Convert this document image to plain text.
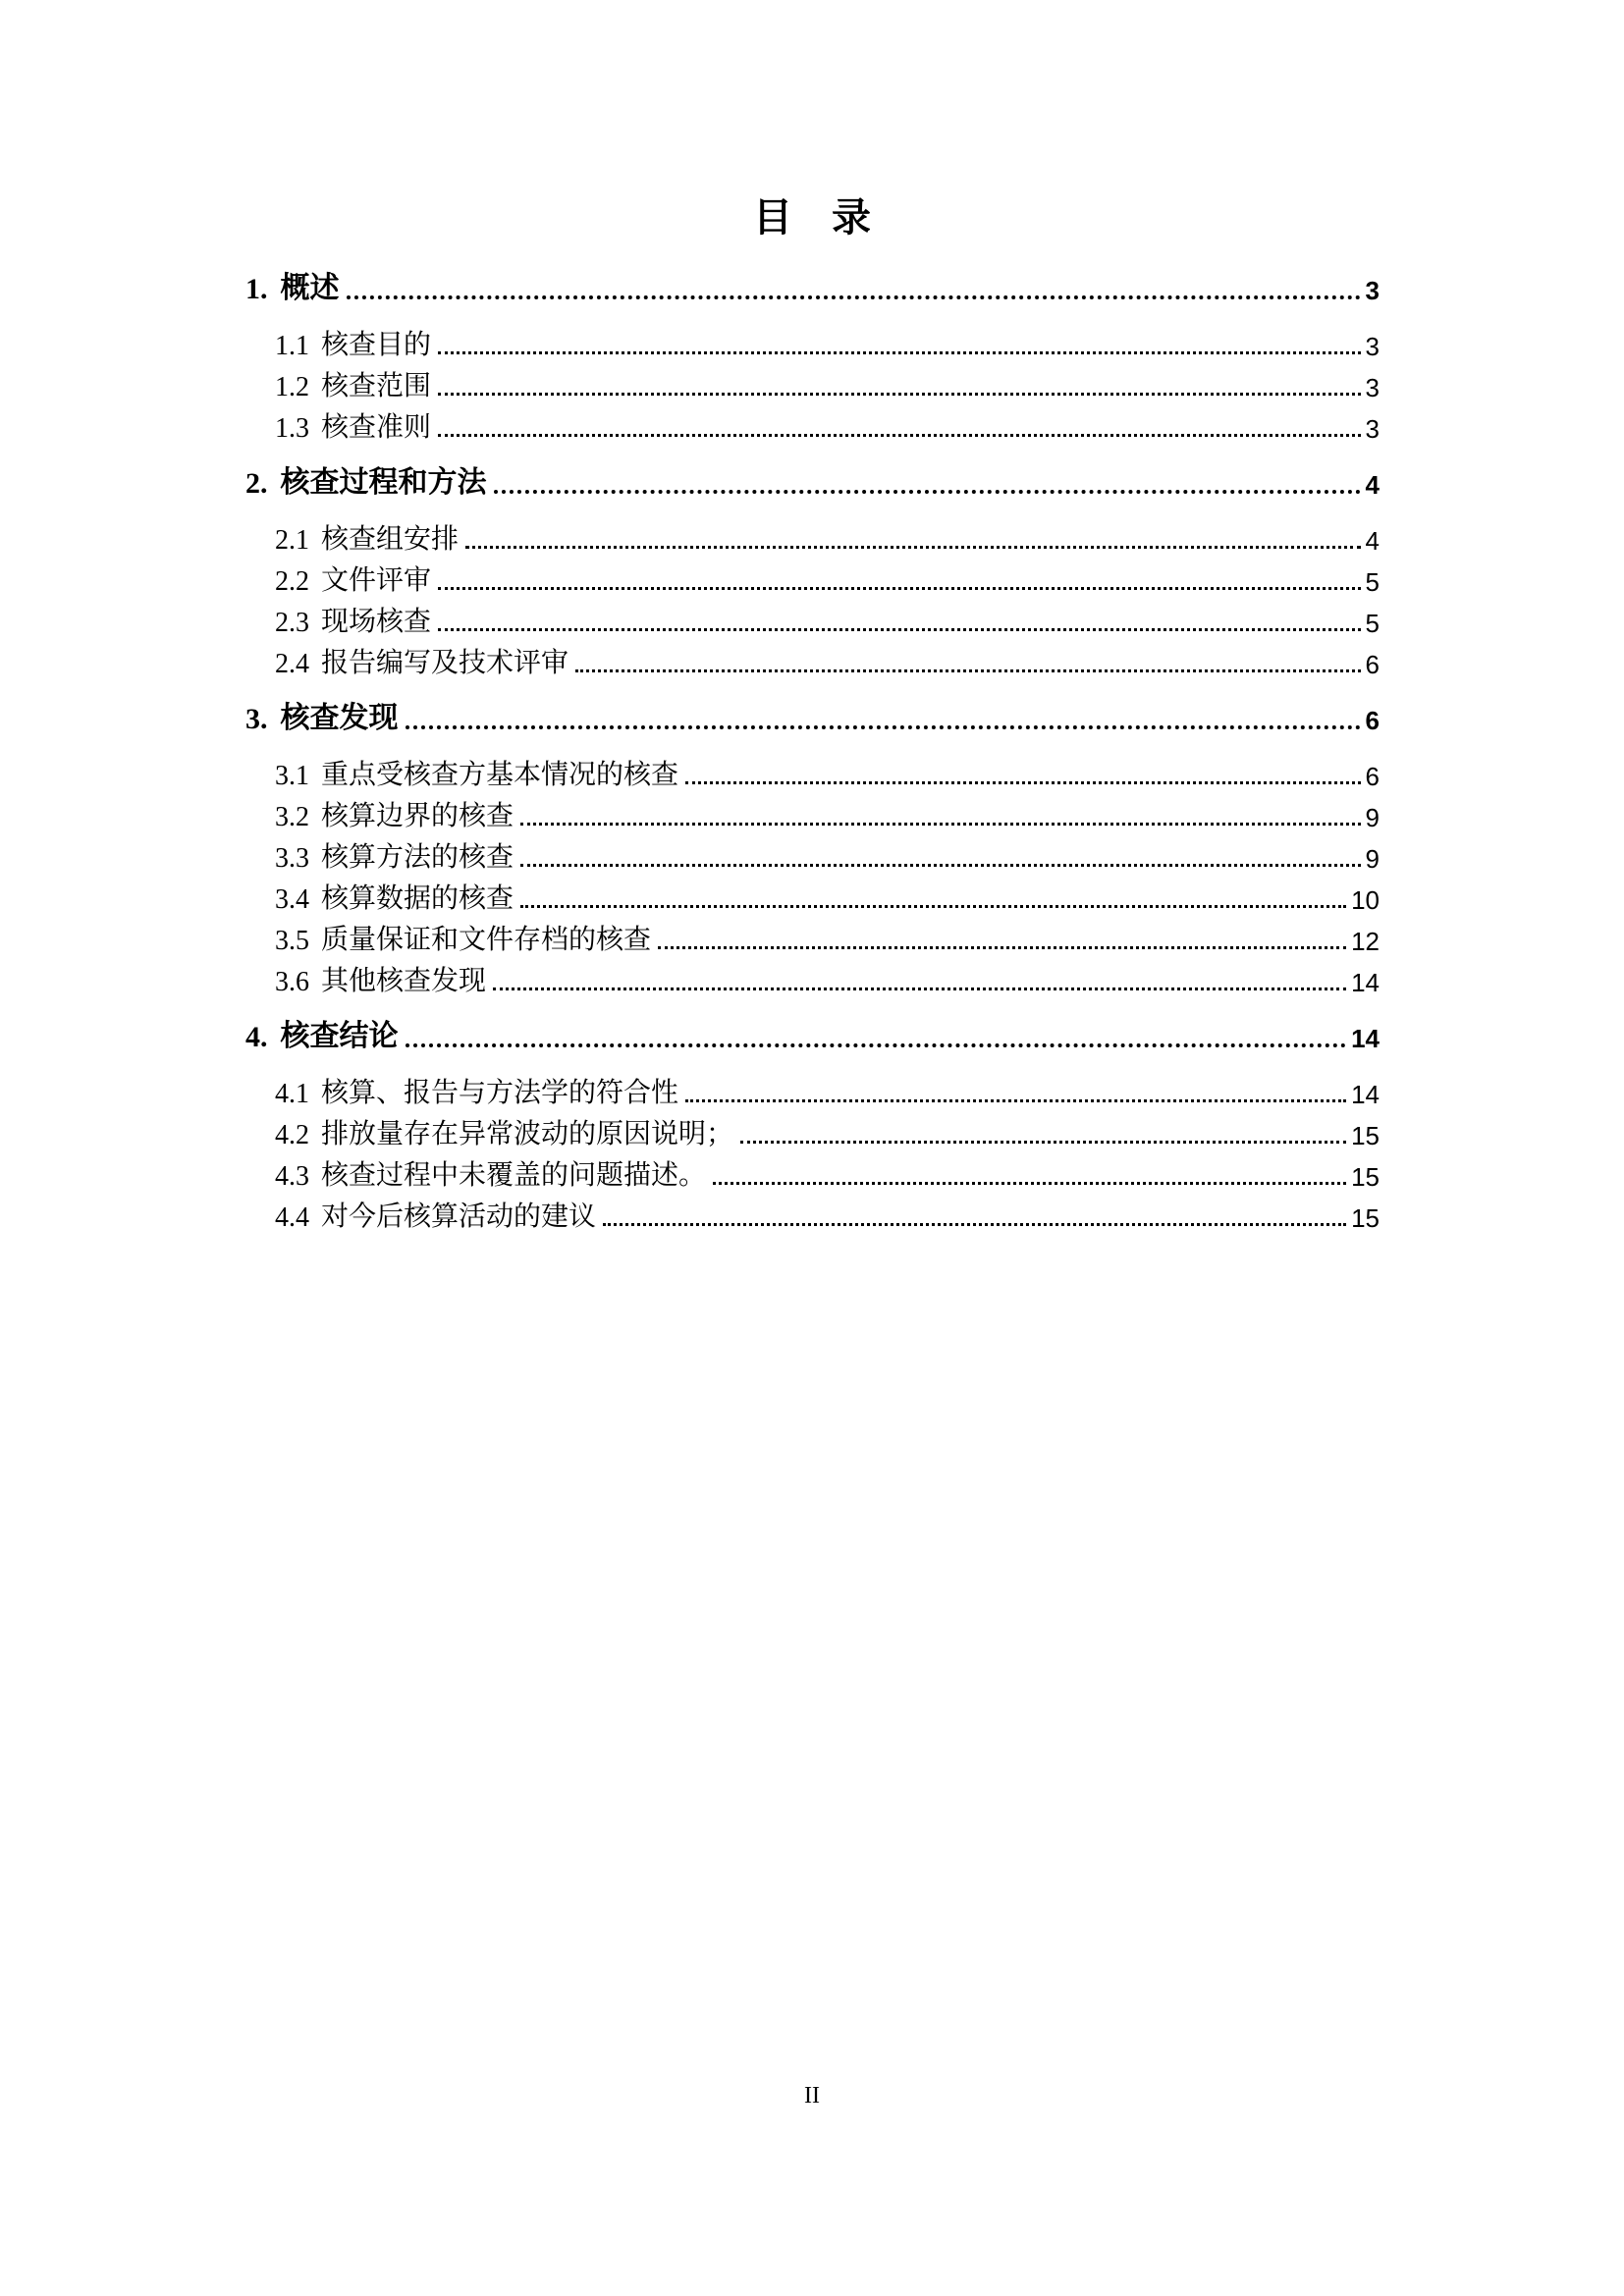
目　录
1. 概述	3
1.1 核查目的	3
1.2 核查范围	3
1.3 核查准则	3
2. 核查过程和方法	4
2.1 核查组安排	4
2.2 文件评审	5
2.3 现场核查	5
2.4 报告编写及技术评审	6
3. 核查发现	6
3.1 重点受核查方基本情况的核查	6
3.2 核算边界的核查	9
3.3 核算方法的核查	9
3.4 核算数据的核查	10
3.5 质量保证和文件存档的核查	12
3.6 其他核查发现	14
4. 核查结论	14
4.1 核算、报告与方法学的符合性	14
4.2 排放量存在异常波动的原因说明；	15
4.3 核查过程中未覆盖的问题描述。	15
4.4 对今后核算活动的建议	15
II
